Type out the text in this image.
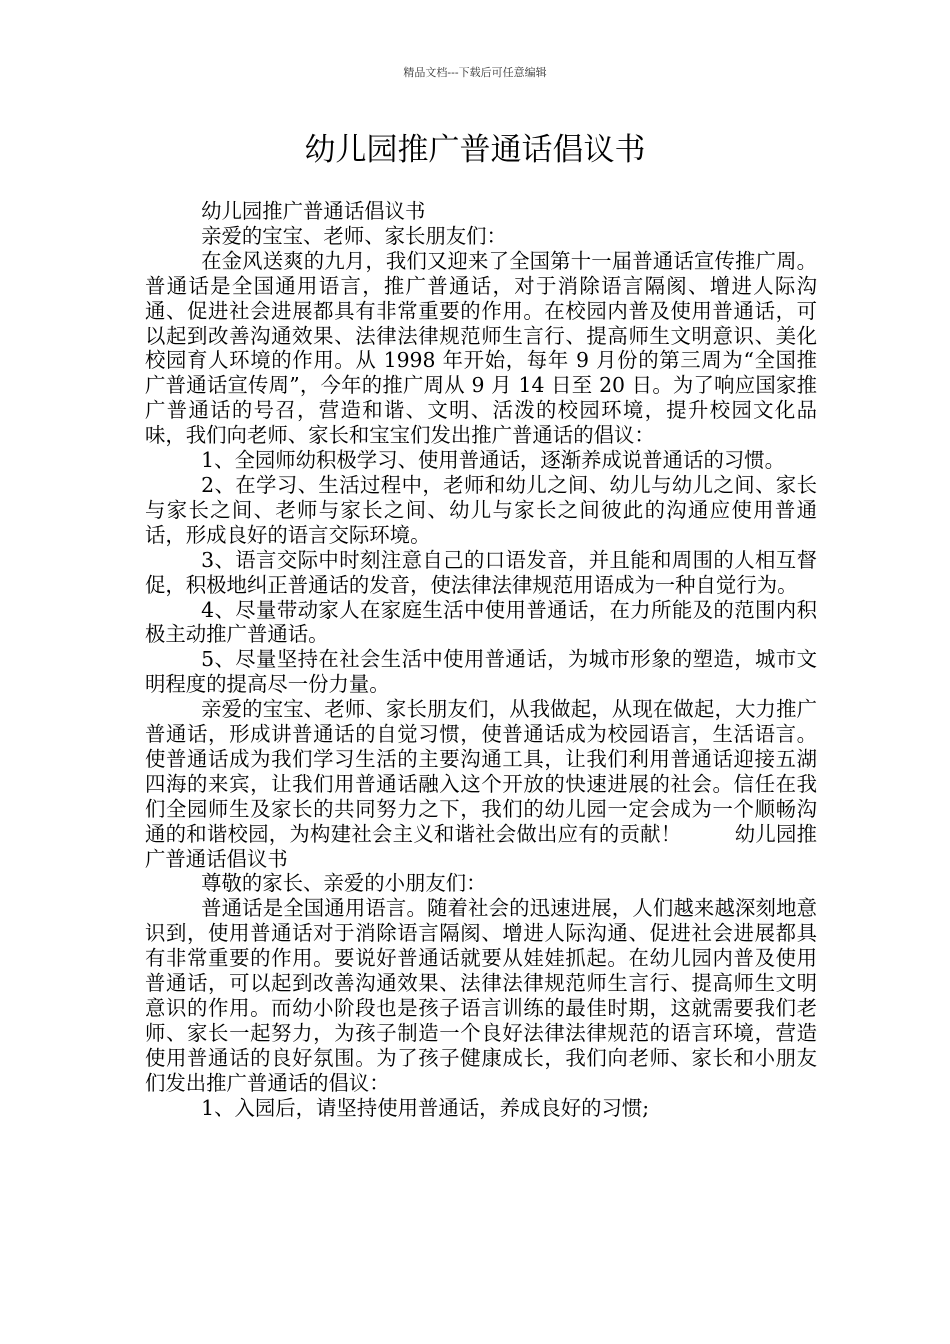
精品文档---下载后可任意编辑
幼儿园推广普通话倡议书

幼儿园推广普通话倡议书

亲爱的宝宝、老师、家长朋友们：

在金风送爽的九月，我们又迎来了全国第十一届普通话宣传推广周。普通话是全国通用语言，推广普通话，对于消除语言隔阂、增进人际沟通、促进社会进展都具有非常重要的作用。在校园内普及使用普通话，可以起到改善沟通效果、法律法律规范师生言行、提高师生文明意识、美化校园育人环境的作用。从 1998 年开始，每年 9 月份的第三周为“全国推广普通话宣传周”，今年的推广周从 9 月 14 日至 20 日。为了响应国家推广普通话的号召，营造和谐、文明、活泼的校园环境，提升校园文化品味，我们向老师、家长和宝宝们发出推广普通话的倡议：

1、全园师幼积极学习、使用普通话，逐渐养成说普通话的习惯。

2、在学习、生活过程中，老师和幼儿之间、幼儿与幼儿之间、家长与家长之间、老师与家长之间、幼儿与家长之间彼此的沟通应使用普通话，形成良好的语言交际环境。

3、语言交际中时刻注意自己的口语发音，并且能和周围的人相互督促，积极地纠正普通话的发音，使法律法律规范用语成为一种自觉行为。

4、尽量带动家人在家庭生活中使用普通话，在力所能及的范围内积极主动推广普通话。

5、尽量坚持在社会生活中使用普通话，为城市形象的塑造，城市文明程度的提高尽一份力量。

亲爱的宝宝、老师、家长朋友们，从我做起，从现在做起，大力推广普通话，形成讲普通话的自觉习惯，使普通话成为校园语言，生活语言。使普通话成为我们学习生活的主要沟通工具，让我们利用普通话迎接五湖四海的来宾，让我们用普通话融入这个开放的快速进展的社会。信任在我们全园师生及家长的共同努力之下，我们的幼儿园一定会成为一个顺畅沟通的和谐校园，为构建社会主义和谐社会做出应有的贡献！	幼儿园推广普通话倡议书

尊敬的家长、亲爱的小朋友们：

普通话是全国通用语言。随着社会的迅速进展，人们越来越深刻地意识到，使用普通话对于消除语言隔阂、增进人际沟通、促进社会进展都具有非常重要的作用。要说好普通话就要从娃娃抓起。在幼儿园内普及使用普通话，可以起到改善沟通效果、法律法律规范师生言行、提高师生文明意识的作用。而幼小阶段也是孩子语言训练的最佳时期，这就需要我们老师、家长一起努力，为孩子制造一个良好法律法律规范的语言环境，营造使用普通话的良好氛围。为了孩子健康成长，我们向老师、家长和小朋友们发出推广普通话的倡议：

1、入园后，请坚持使用普通话，养成良好的习惯;
